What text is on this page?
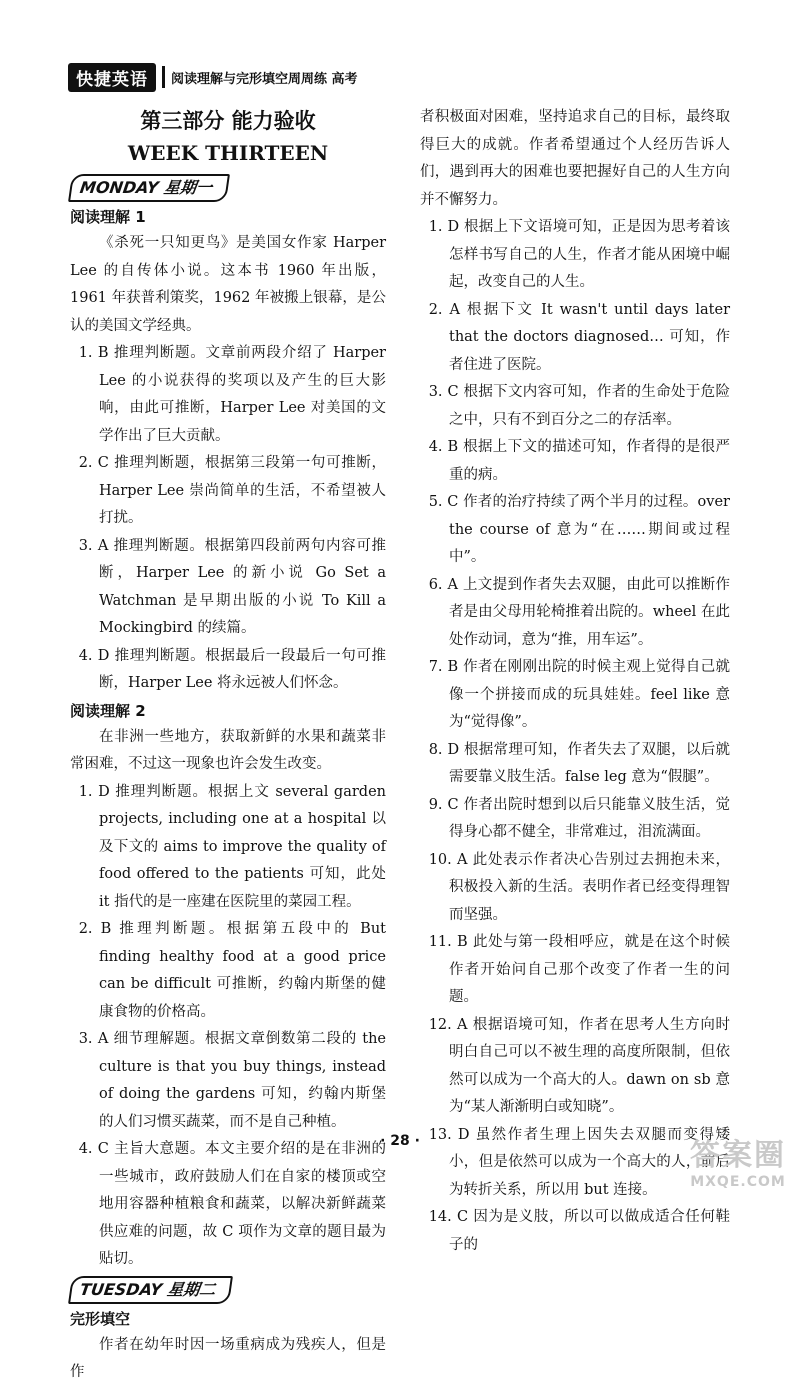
快捷英语	阅读理解与完形填空周周练 高考
第三部分 能力验收
WEEK THIRTEEN
MONDAY 星期一
阅读理解 1
《杀死一只知更鸟》是美国女作家 Harper Lee 的自传体小说。这本书 1960 年出版，1961 年获普利策奖，1962 年被搬上银幕，是公认的美国文学经典。
1. B 推理判断题。文章前两段介绍了 Harper Lee 的小说获得的奖项以及产生的巨大影响，由此可推断，Harper Lee 对美国的文学作出了巨大贡献。
2. C 推理判断题，根据第三段第一句可推断，Harper Lee 崇尚简单的生活，不希望被人打扰。
3. A 推理判断题。根据第四段前两句内容可推断，Harper Lee 的新小说 Go Set a Watchman 是早期出版的小说 To Kill a Mockingbird 的续篇。
4. D 推理判断题。根据最后一段最后一句可推断，Harper Lee 将永远被人们怀念。
阅读理解 2
在非洲一些地方，获取新鲜的水果和蔬菜非常困难，不过这一现象也许会发生改变。
1. D 推理判断题。根据上文 several garden projects, including one at a hospital 以及下文的 aims to improve the quality of food offered to the patients 可知，此处 it 指代的是一座建在医院里的菜园工程。
2. B 推理判断题。根据第五段中的 But finding healthy food at a good price can be difficult 可推断，约翰内斯堡的健康食物的价格高。
3. A 细节理解题。根据文章倒数第二段的 the culture is that you buy things, instead of doing the gardens 可知，约翰内斯堡的人们习惯买蔬菜，而不是自己种植。
4. C 主旨大意题。本文主要介绍的是在非洲的一些城市，政府鼓励人们在自家的楼顶或空地用容器种植粮食和蔬菜，以解决新鲜蔬菜供应难的问题，故 C 项作为文章的题目最为贴切。
TUESDAY 星期二
完形填空
作者在幼年时因一场重病成为残疾人，但是作
者积极面对困难，坚持追求自己的目标，最终取得巨大的成就。作者希望通过个人经历告诉人们，遇到再大的困难也要把握好自己的人生方向并不懈努力。
1. D 根据上下文语境可知，正是因为思考着该怎样书写自己的人生，作者才能从困境中崛起，改变自己的人生。
2. A 根据下文 It wasn't until days later that the doctors diagnosed… 可知，作者住进了医院。
3. C 根据下文内容可知，作者的生命处于危险之中，只有不到百分之二的存活率。
4. B 根据上下文的描述可知，作者得的是很严重的病。
5. C 作者的治疗持续了两个半月的过程。over the course of 意为“在……期间或过程中”。
6. A 上文提到作者失去双腿，由此可以推断作者是由父母用轮椅推着出院的。wheel 在此处作动词，意为“推，用车运”。
7. B 作者在刚刚出院的时候主观上觉得自己就像一个拼接而成的玩具娃娃。feel like 意为“觉得像”。
8. D 根据常理可知，作者失去了双腿，以后就需要靠义肢生活。false leg 意为“假腿”。
9. C 作者出院时想到以后只能靠义肢生活，觉得身心都不健全，非常难过，泪流满面。
10. A 此处表示作者决心告别过去拥抱未来，积极投入新的生活。表明作者已经变得理智而坚强。
11. B 此处与第一段相呼应，就是在这个时候作者开始问自己那个改变了作者一生的问题。
12. A 根据语境可知，作者在思考人生方向时明白自己可以不被生理的高度所限制，但依然可以成为一个高大的人。dawn on sb 意为“某人渐渐明白或知晓”。
13. D 虽然作者生理上因失去双腿而变得矮小，但是依然可以成为一个高大的人，前后为转折关系，所以用 but 连接。
14. C 因为是义肢，所以可以做成适合任何鞋子的
· 28 ·	答案圈
MXQE.COM
